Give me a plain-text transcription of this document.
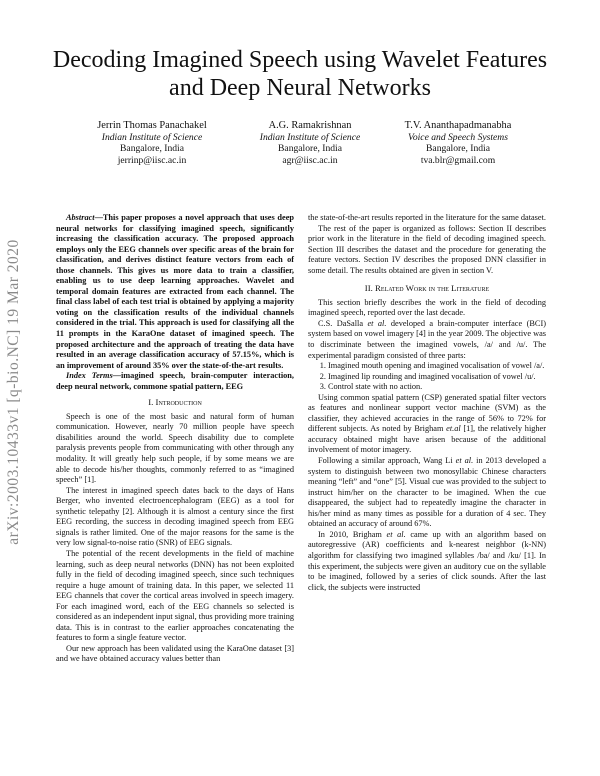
arXiv:2003.10433v1 [q-bio.NC] 19 Mar 2020
Decoding Imagined Speech using Wavelet Features and Deep Neural Networks
Jerrin Thomas Panachakel
Indian Institute of Science
Bangalore, India
jerrinp@iisc.ac.in
A.G. Ramakrishnan
Indian Institute of Science
Bangalore, India
agr@iisc.ac.in
T.V. Ananthapadmanabha
Voice and Speech Systems
Bangalore, India
tva.blr@gmail.com

Abstract—This paper proposes a novel approach that uses deep neural networks for classifying imagined speech, significantly increasing the classification accuracy. The proposed approach employs only the EEG channels over specific areas of the brain for classification, and derives distinct feature vectors from each of those channels. This gives us more data to train a classifier, enabling us to use deep learning approaches. Wavelet and temporal domain features are extracted from each channel. The final class label of each test trial is obtained by applying a majority voting on the classification results of the individual channels considered in the trial. This approach is used for classifying all the 11 prompts in the KaraOne dataset of imagined speech. The proposed architecture and the approach of treating the data have resulted in an average classification accuracy of 57.15%, which is an improvement of around 35% over the state-of-the-art results.

Index Terms—imagined speech, brain-computer interaction, deep neural network, commone spatial pattern, EEG

I. Introduction

Speech is one of the most basic and natural form of human communication. However, nearly 70 million people have speech disabilities around the world. Speech disability due to complete paralysis prevents people from communicating with other through any modality. It will greatly help such people, if by some means we are able to decode his/her thoughts, commonly referred to as “imagined speech” [1].

The interest in imagined speech dates back to the days of Hans Berger, who invented electroencephalogram (EEG) as a tool for synthetic telepathy [2]. Although it is almost a century since the first EEG recording, the success in decoding imagined speech from EEG signals is rather limited. One of the major reasons for the same is the very low signal-to-noise ratio (SNR) of EEG signals.

The potential of the recent developments in the field of machine learning, such as deep neural networks (DNN) has not been exploited fully in the field of decoding imagined speech, since such techniques require a huge amount of training data. In this paper, we selected 11 EEG channels that cover the cortical areas involved in speech imagery. For each imagined word, each of the EEG channels so selected is considered as an independent input signal, thus providing more training data. This is in contrast to the earlier approaches concatenating the features to form a single feature vector.

Our new approach has been validated using the KaraOne dataset [3] and we have obtained accuracy values better than

the state-of-the-art results reported in the literature for the same dataset.

The rest of the paper is organized as follows: Section II describes prior work in the literature in the field of decoding imagined speech. Section III describes the dataset and the procedure for generating the feature vectors. Section IV describes the proposed DNN classifier in some detail. The results obtained are given in section V.

II. Related Work in the Literature

This section briefly describes the work in the field of decoding imagined speech, reported over the last decade.

C.S. DaSalla et al. developed a brain-computer interface (BCI) system based on vowel imagery [4] in the year 2009. The objective was to discriminate between the imagined vowels, /a/ and /u/. The experimental paradigm consisted of three parts:

1. Imagined mouth opening and imagined vocalisation of vowel /a/.
2. Imagined lip rounding and imagined vocalisation of vowel /u/.
3. Control state with no action.

Using common spatial pattern (CSP) generated spatial filter vectors as features and nonlinear support vector machine (SVM) as the classifier, they achieved accuracies in the range of 56% to 72% for different subjects. As noted by Brigham et.al [1], the relatively higher accuracy obtained might have arisen because of the additional involvement of motor imagery.

Following a similar approach, Wang Li et al. in 2013 developed a system to distinguish between two monosyllabic Chinese characters meaning “left” and “one” [5]. Visual cue was provided to the subject to instruct him/her on the character to be imagined. When the cue disappeared, the subject had to repeatedly imagine the character in his/her mind as many times as possible for a duration of 4 sec. They obtained an accuracy of around 67%.

In 2010, Brigham et al. came up with an algorithm based on autoregressive (AR) coefficients and k-nearest neighbor (k-NN) algorithm for classifying two imagined syllables /ba/ and /ku/ [1]. In this experiment, the subjects were given an auditory cue on the syllable to be imagined, followed by a series of click sounds. After the last click, the subjects were instructed
